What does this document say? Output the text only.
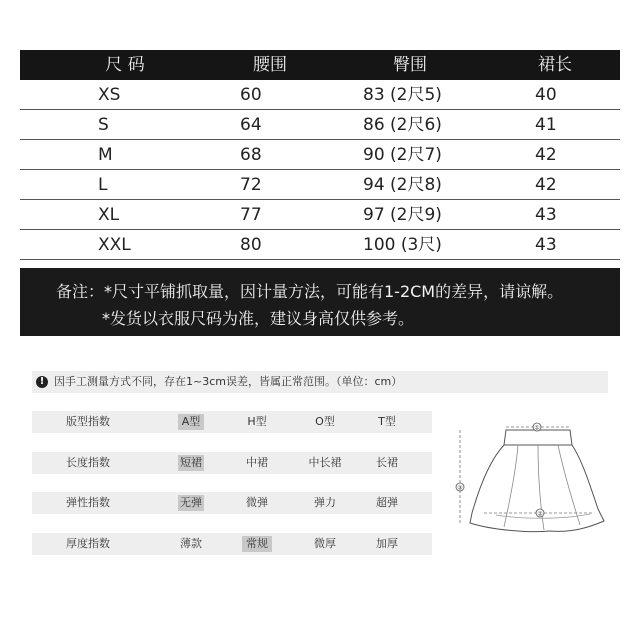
尺 码	腰围	臀围	裙长
XS	60	83 (2尺5)	40
S	64	86 (2尺6)	41
M	68	90 (2尺7)	42
L	72	94 (2尺8)	42
XL	77	97 (2尺9)	43
XXL	80	100 (3尺)	43
备注：*尺寸平铺抓取量，因计量方法，可能有1-2CM的差异，请谅解。
*发货以衣服尺码为准，建议身高仅供参考。
! 因手工测量方式不同，存在1~3cm误差，皆属正常范围。（单位：cm）
版型指数	A型	H型	O型	T型
长度指数	短裙	中裙	中长裙	长裙
弹性指数	无弹	微弹	弹力	超弹
厚度指数	薄款	常规	微厚	加厚
①
②
③
